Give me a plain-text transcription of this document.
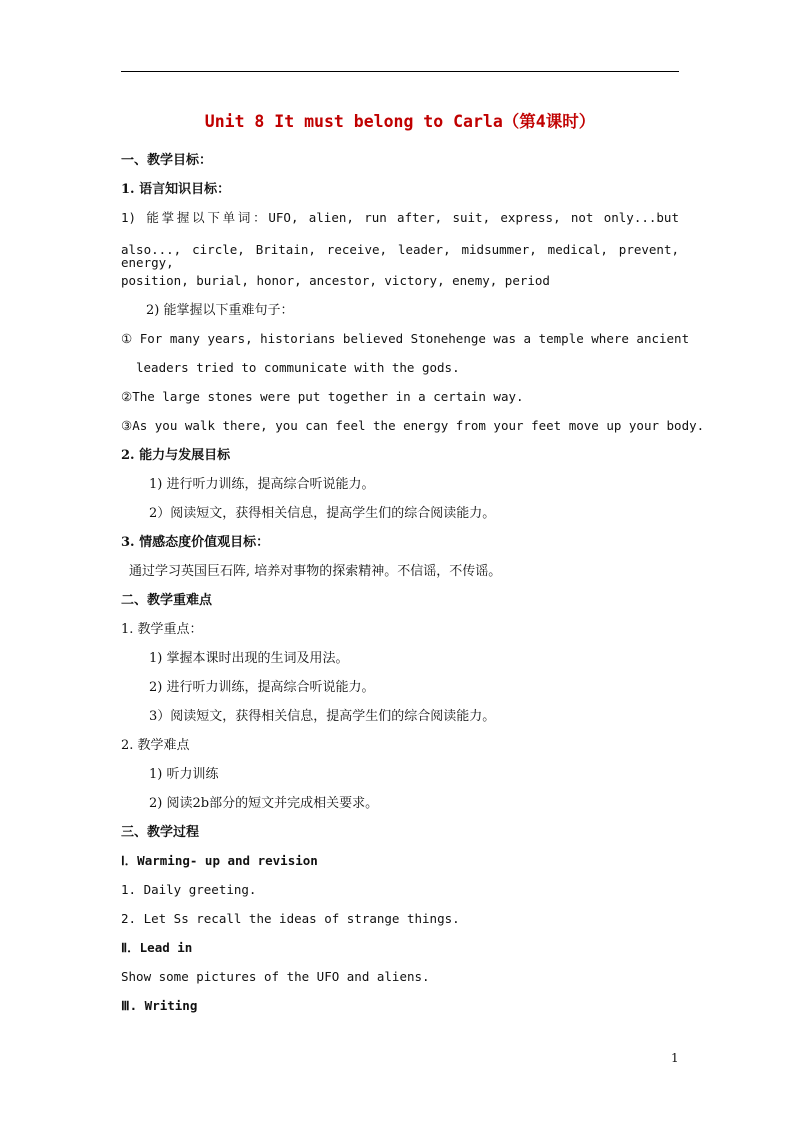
Unit 8 It must belong to Carla（第4课时）
一、教学目标：
1. 语言知识目标：
1) 能掌握以下单词：UFO, alien, run after, suit, express, not only...but
also..., circle, Britain, receive, leader, midsummer, medical, prevent, energy,
position, burial, honor, ancestor, victory, enemy, period
2) 能掌握以下重难句子：
① For many years, historians believed Stonehenge was a temple where ancient
leaders tried to communicate with the gods.
②The large stones were put together in a certain way.
③As you walk there, you can feel the energy from your feet move up your body.
2. 能力与发展目标
1) 进行听力训练，提高综合听说能力。
2）阅读短文，获得相关信息，提高学生们的综合阅读能力。
3. 情感态度价值观目标：
通过学习英国巨石阵, 培养对事物的探索精神。不信谣，不传谣。
二、教学重难点
1. 教学重点：
1) 掌握本课时出现的生词及用法。
2) 进行听力训练，提高综合听说能力。
3）阅读短文，获得相关信息，提高学生们的综合阅读能力。
2. 教学难点
1) 听力训练
2) 阅读2b部分的短文并完成相关要求。
三、教学过程
Ⅰ．Warming- up and revision
1. Daily greeting.
2. Let Ss recall the ideas of strange things.
Ⅱ．Lead in
Show some pictures of the UFO and aliens.
Ⅲ. Writing
1
